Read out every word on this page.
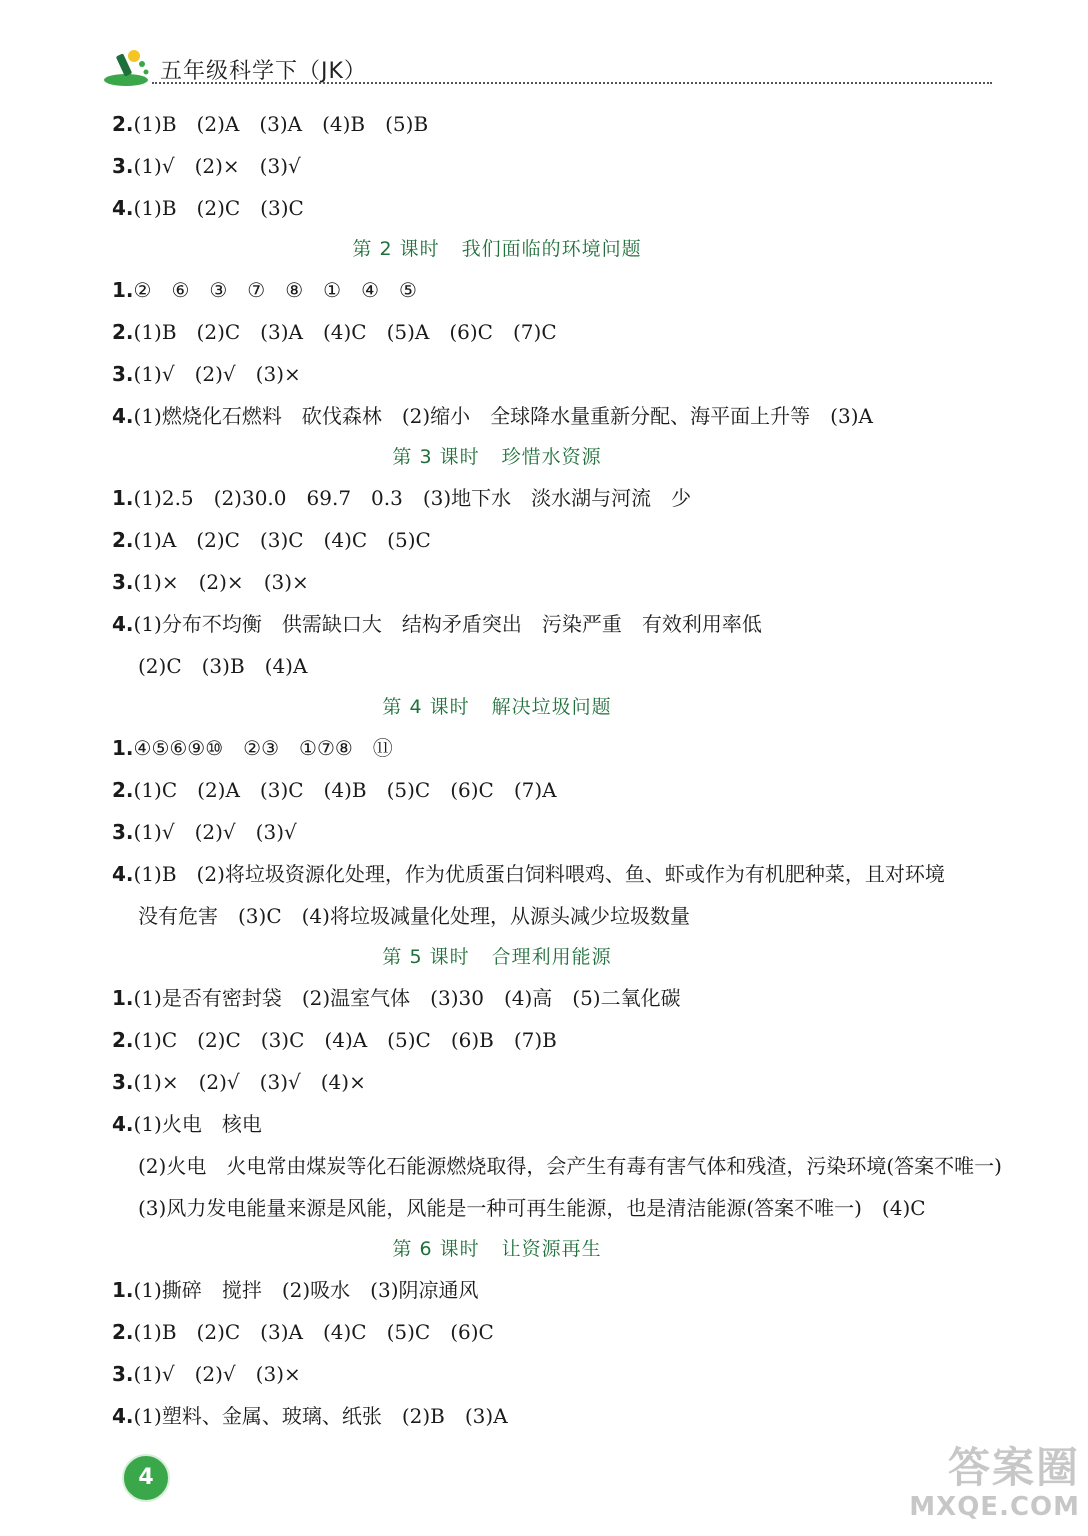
五年级科学下（JK）
2.(1)B　(2)A　(3)A　(4)B　(5)B
3.(1)√　(2)×　(3)√
4.(1)B　(2)C　(3)C
第 2 课时 我们面临的环境问题
1.②　⑥　③　⑦　⑧　①　④　⑤
2.(1)B　(2)C　(3)A　(4)C　(5)A　(6)C　(7)C
3.(1)√　(2)√　(3)×
4.(1)燃烧化石燃料　砍伐森林　(2)缩小　全球降水量重新分配、海平面上升等　(3)A
第 3 课时 珍惜水资源
1.(1)2.5　(2)30.0　69.7　0.3　(3)地下水　淡水湖与河流　少
2.(1)A　(2)C　(3)C　(4)C　(5)C
3.(1)×　(2)×　(3)×
4.(1)分布不均衡　供需缺口大　结构矛盾突出　污染严重　有效利用率低
(2)C　(3)B　(4)A
第 4 课时 解决垃圾问题
1.④⑤⑥⑨⑩　②③　①⑦⑧　⑪
2.(1)C　(2)A　(3)C　(4)B　(5)C　(6)C　(7)A
3.(1)√　(2)√　(3)√
4.(1)B　(2)将垃圾资源化处理，作为优质蛋白饲料喂鸡、鱼、虾或作为有机肥种菜，且对环境
没有危害　(3)C　(4)将垃圾减量化处理，从源头减少垃圾数量
第 5 课时 合理利用能源
1.(1)是否有密封袋　(2)温室气体　(3)30　(4)高　(5)二氧化碳
2.(1)C　(2)C　(3)C　(4)A　(5)C　(6)B　(7)B
3.(1)×　(2)√　(3)√　(4)×
4.(1)火电　核电
(2)火电　火电常由煤炭等化石能源燃烧取得，会产生有毒有害气体和残渣，污染环境(答案不唯一)
(3)风力发电能量来源是风能，风能是一种可再生能源，也是清洁能源(答案不唯一)　(4)C
第 6 课时 让资源再生
1.(1)撕碎　搅拌　(2)吸水　(3)阴凉通风
2.(1)B　(2)C　(3)A　(4)C　(5)C　(6)C
3.(1)√　(2)√　(3)×
4.(1)塑料、金属、玻璃、纸张　(2)B　(3)A
4	答案圈
MXQE.COM
